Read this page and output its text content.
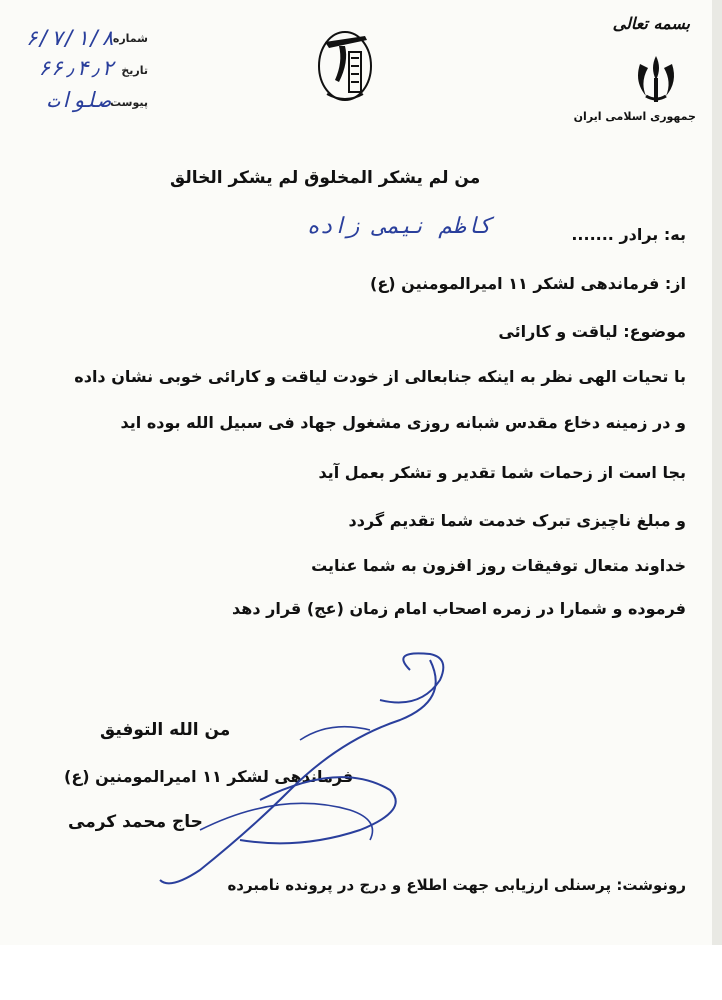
شماره
۶/۷/۱/۸
تاریخ
۶۶٫۴٫۲
پیوست
صلوات
بسمه تعالی
جمهوری اسلامی ایران
من لم یشکر المخلوق لم یشکر الخالق
به: برادر .......
کاظم نیمی زاده
از: فرماندهی لشکر ۱۱ امیرالمومنین (ع)
موضوع: لیاقت و کارائی
با تحیات الهی نظر به اینکه جنابعالی از خودت لیاقت و کارائی خوبی نشان داده
و در زمینه دخاع مقدس شبانه روزی مشغول جهاد فی سبیل الله بوده اید
بجا است از زحمات شما تقدیر و تشکر بعمل آید
و مبلغ ناچیزی تبرک خدمت شما تقدیم گردد
خداوند متعال توفیقات روز افزون به شما عنایت
فرموده و شمارا در زمره اصحاب امام زمان (عج) قرار دهد
من الله التوفیق
فرماندهی لشکر ۱۱ امیرالمومنین (ع)
حاج محمد کرمی
رونوشت: پرسنلی ارزیابی جهت اطلاع و درج در پرونده نامبرده
